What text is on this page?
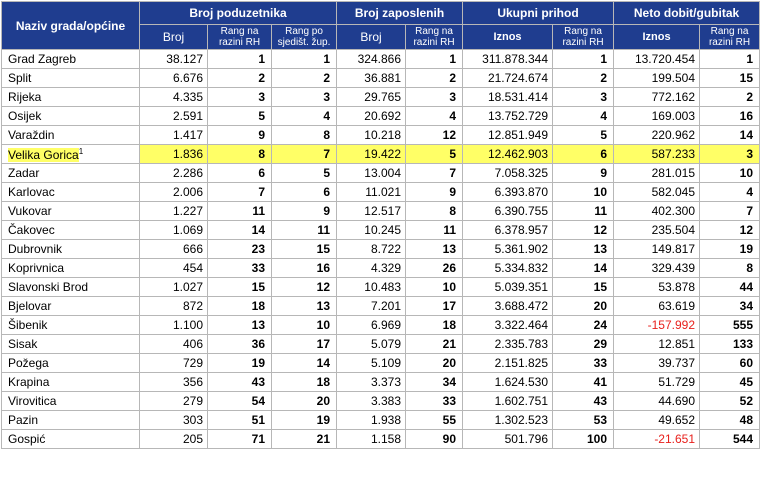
Naziv grada/općine	Broj poduzetnika			Broj zaposlenih		Ukupni prihod		Neto dobit/gubitak	
	Broj	Rang na razini RH	Rang po sjedišt. žup.	Broj	Rang na razini RH	Iznos	Rang na razini RH	Iznos	Rang na razini RH
Grad Zagreb	38.127	1	1	324.866	1	311.878.344	1	13.720.454	1
Split	6.676	2	2	36.881	2	21.724.674	2	199.504	15
Rijeka	4.335	3	3	29.765	3	18.531.414	3	772.162	2
Osijek	2.591	5	4	20.692	4	13.752.729	4	169.003	16
Varaždin	1.417	9	8	10.218	12	12.851.949	5	220.962	14
Velika Gorica$^1$	1.836	8	7	19.422	5	12.462.903	6	587.233	3
Zadar	2.286	6	5	13.004	7	7.058.325	9	281.015	10
Karlovac	2.006	7	6	11.021	9	6.393.870	10	582.045	4
Vukovar	1.227	11	9	12.517	8	6.390.755	11	402.300	7
Čakovec	1.069	14	11	10.245	11	6.378.957	12	235.504	12
Dubrovnik	666	23	15	8.722	13	5.361.902	13	149.817	19
Koprivnica	454	33	16	4.329	26	5.334.832	14	329.439	8
Slavonski Brod	1.027	15	12	10.483	10	5.039.351	15	53.878	44
Bjelovar	872	18	13	7.201	17	3.688.472	20	63.619	34
Šibenik	1.100	13	10	6.969	18	3.322.464	24	-157.992	555
Sisak	406	36	17	5.079	21	2.335.783	29	12.851	133
Požega	729	19	14	5.109	20	2.151.825	33	39.737	60
Krapina	356	43	18	3.373	34	1.624.530	41	51.729	45
Virovitica	279	54	20	3.383	33	1.602.751	43	44.690	52
Pazin	303	51	19	1.938	55	1.302.523	53	49.652	48
Gospić	205	71	21	1.158	90	501.796	100	-21.651	544
